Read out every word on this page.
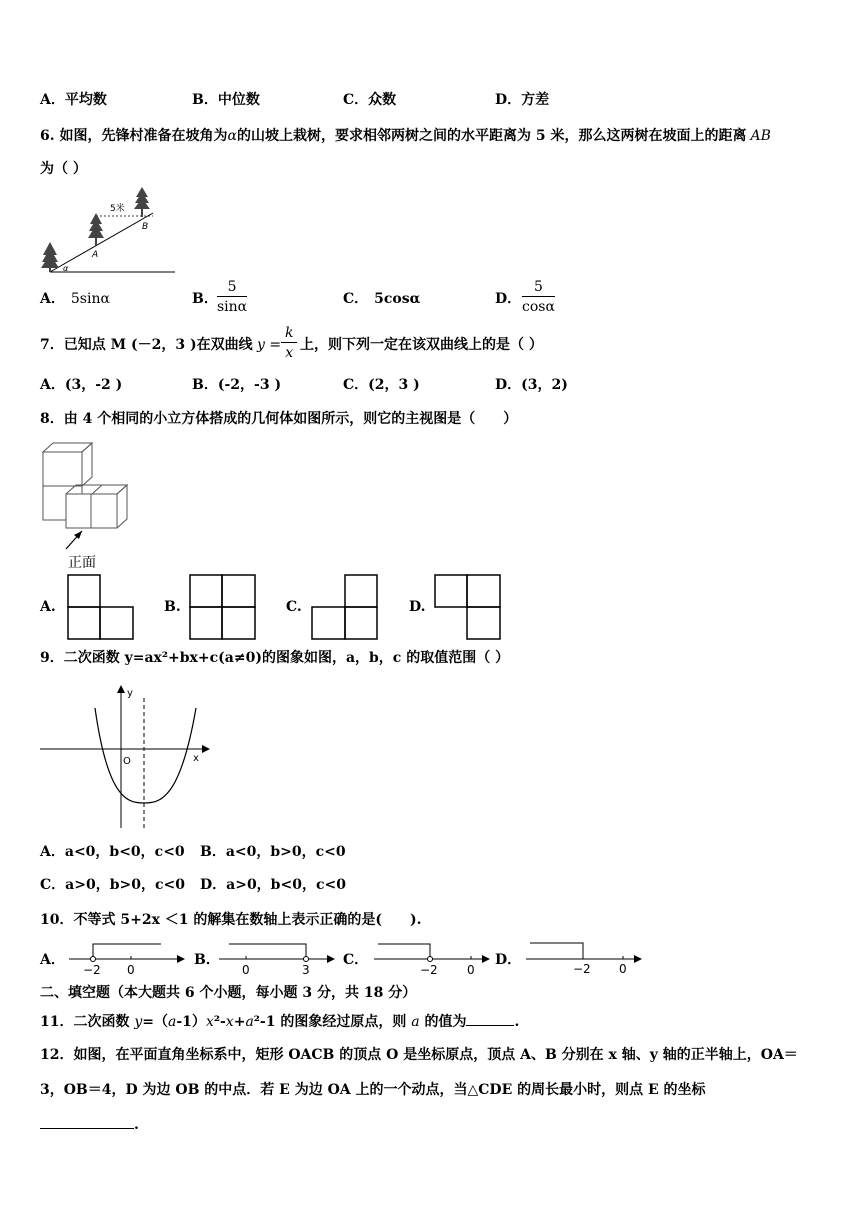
A．平均数	B．中位数	C．众数	D．方差
6. 如图，先锋村准备在坡角为α的山坡上栽树，要求相邻两树之间的水平距离为 5 米，那么这两树在坡面上的距离 AB
为（ ）
5米
A
B
α
A． 5sinα	B． $\frac{5}{\sin\alpha}$	C． 5cosα	D． $\frac{5}{\cos\alpha}$
7．已知点 M (－2，3 )在双曲线 $y = \frac{k}{x}$ 上，则下列一定在该双曲线上的是（ ）
A．(3，-2 )	B．(-2，-3 )	C．(2，3 )	D．(3，2)
8．由 4 个相同的小立方体搭成的几何体如图所示，则它的主视图是（　　）
正面
A.	B.	C.	D.
9．二次函数 y=ax²+bx+c(a≠0)的图象如图，a，b，c 的取值范围（ ）
y
x
O
A．a<0，b<0，c<0 B．a<0，b>0，c<0
C．a>0，b>0，c<0 D．a>0，b<0，c<0
10．不等式 5+2x ＜1 的解集在数轴上表示正确的是(　　).
A．
−2 0
B．
0	3
C．
−2 0
D．
−2 0
二、填空题（本大题共 6 个小题，每小题 3 分，共 18 分）
11．二次函数 y=（a-1）x²-x+a²-1 的图象经过原点，则 a 的值为	.
12．如图，在平面直角坐标系中，矩形 OACB 的顶点 O 是坐标原点，顶点 A、B 分别在 x 轴、y 轴的正半轴上，OA＝
3，OB＝4，D 为边 OB 的中点．若 E 为边 OA 上的一个动点，当△CDE 的周长最小时，则点 E 的坐标
.
